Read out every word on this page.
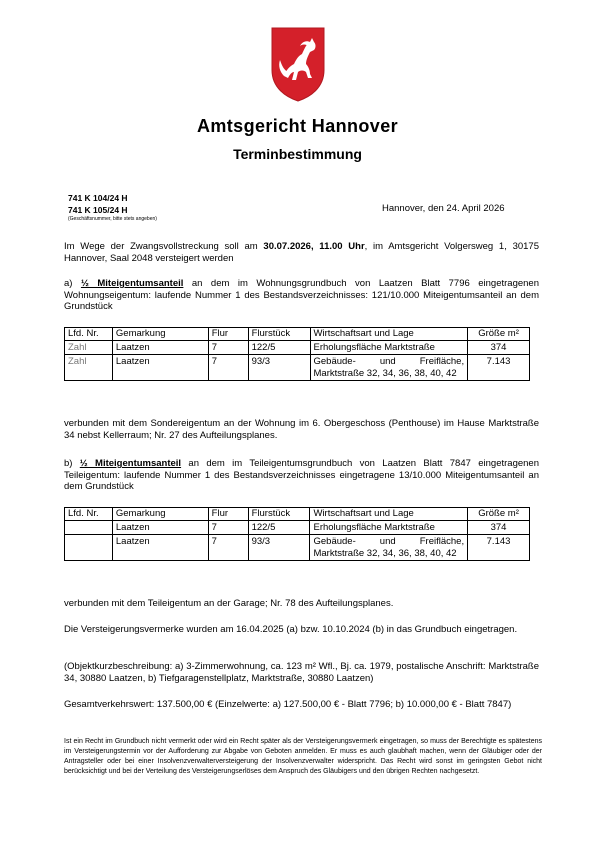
Amtsgericht Hannover
Terminbestimmung
741 K 104/24 H
741 K 105/24 H
(Geschäftsnummer, bitte stets angeben)
Hannover, den 24. April 2026
Im Wege der Zwangsvollstreckung soll am 30.07.2026, 11.00 Uhr, im Amtsgericht Volgersweg 1, 30175 Hannover, Saal 2048 versteigert werden
a) ½ Miteigentumsanteil an dem im Wohnungsgrundbuch von Laatzen Blatt 7796 eingetragenen Wohnungseigentum: laufende Nummer 1 des Bestandsverzeichnisses: 121/10.000 Miteigentumsanteil an dem Grundstück
Lfd. Nr.	Gemarkung	Flur	Flurstück	Wirtschaftsart und Lage	Größe m²
Zahl	Laatzen	7	122/5	Erholungsfläche Marktstraße	374
Zahl	Laatzen	7	93/3	Gebäude- und Freifläche, Marktstraße 32, 34, 36, 38, 40, 42	7.143
verbunden mit dem Sondereigentum an der Wohnung im 6. Obergeschoss (Penthouse) im Hause Marktstraße 34 nebst Kellerraum; Nr. 27 des Aufteilungsplanes.
b) ½ Miteigentumsanteil an dem im Teileigentumsgrundbuch von Laatzen Blatt 7847 eingetragenen Teileigentum: laufende Nummer 1 des Bestandsverzeichnisses eingetragene 13/10.000 Miteigentumsanteil an dem Grundstück
Lfd. Nr.	Gemarkung	Flur	Flurstück	Wirtschaftsart und Lage	Größe m²
	Laatzen	7	122/5	Erholungsfläche Marktstraße	374
	Laatzen	7	93/3	Gebäude- und Freifläche, Marktstraße 32, 34, 36, 38, 40, 42	7.143
verbunden mit dem Teileigentum an der Garage; Nr. 78 des Aufteilungsplanes.
Die Versteigerungsvermerke wurden am 16.04.2025 (a) bzw. 10.10.2024 (b) in das Grundbuch eingetragen.
(Objektkurzbeschreibung: a) 3-Zimmerwohnung, ca. 123 m² Wfl., Bj. ca. 1979, postalische Anschrift: Marktstraße 34, 30880 Laatzen, b) Tiefgaragenstellplatz, Marktstraße, 30880 Laatzen)
Gesamtverkehrswert: 137.500,00 € (Einzelwerte: a) 127.500,00 € - Blatt 7796; b) 10.000,00 € - Blatt 7847)
Ist ein Recht im Grundbuch nicht vermerkt oder wird ein Recht später als der Versteigerungsvermerk eingetragen, so muss der Berechtigte es spätestens im Versteigerungstermin vor der Aufforderung zur Abgabe von Geboten anmelden. Er muss es auch glaubhaft machen, wenn der Gläubiger oder der Antragsteller oder bei einer Insolvenzverwalterversteigerung der Insolvenzverwalter widerspricht. Das Recht wird sonst im geringsten Gebot nicht berücksichtigt und bei der Verteilung des Versteigerungserlöses dem Anspruch des Gläubigers und den übrigen Rechten nachgesetzt.
